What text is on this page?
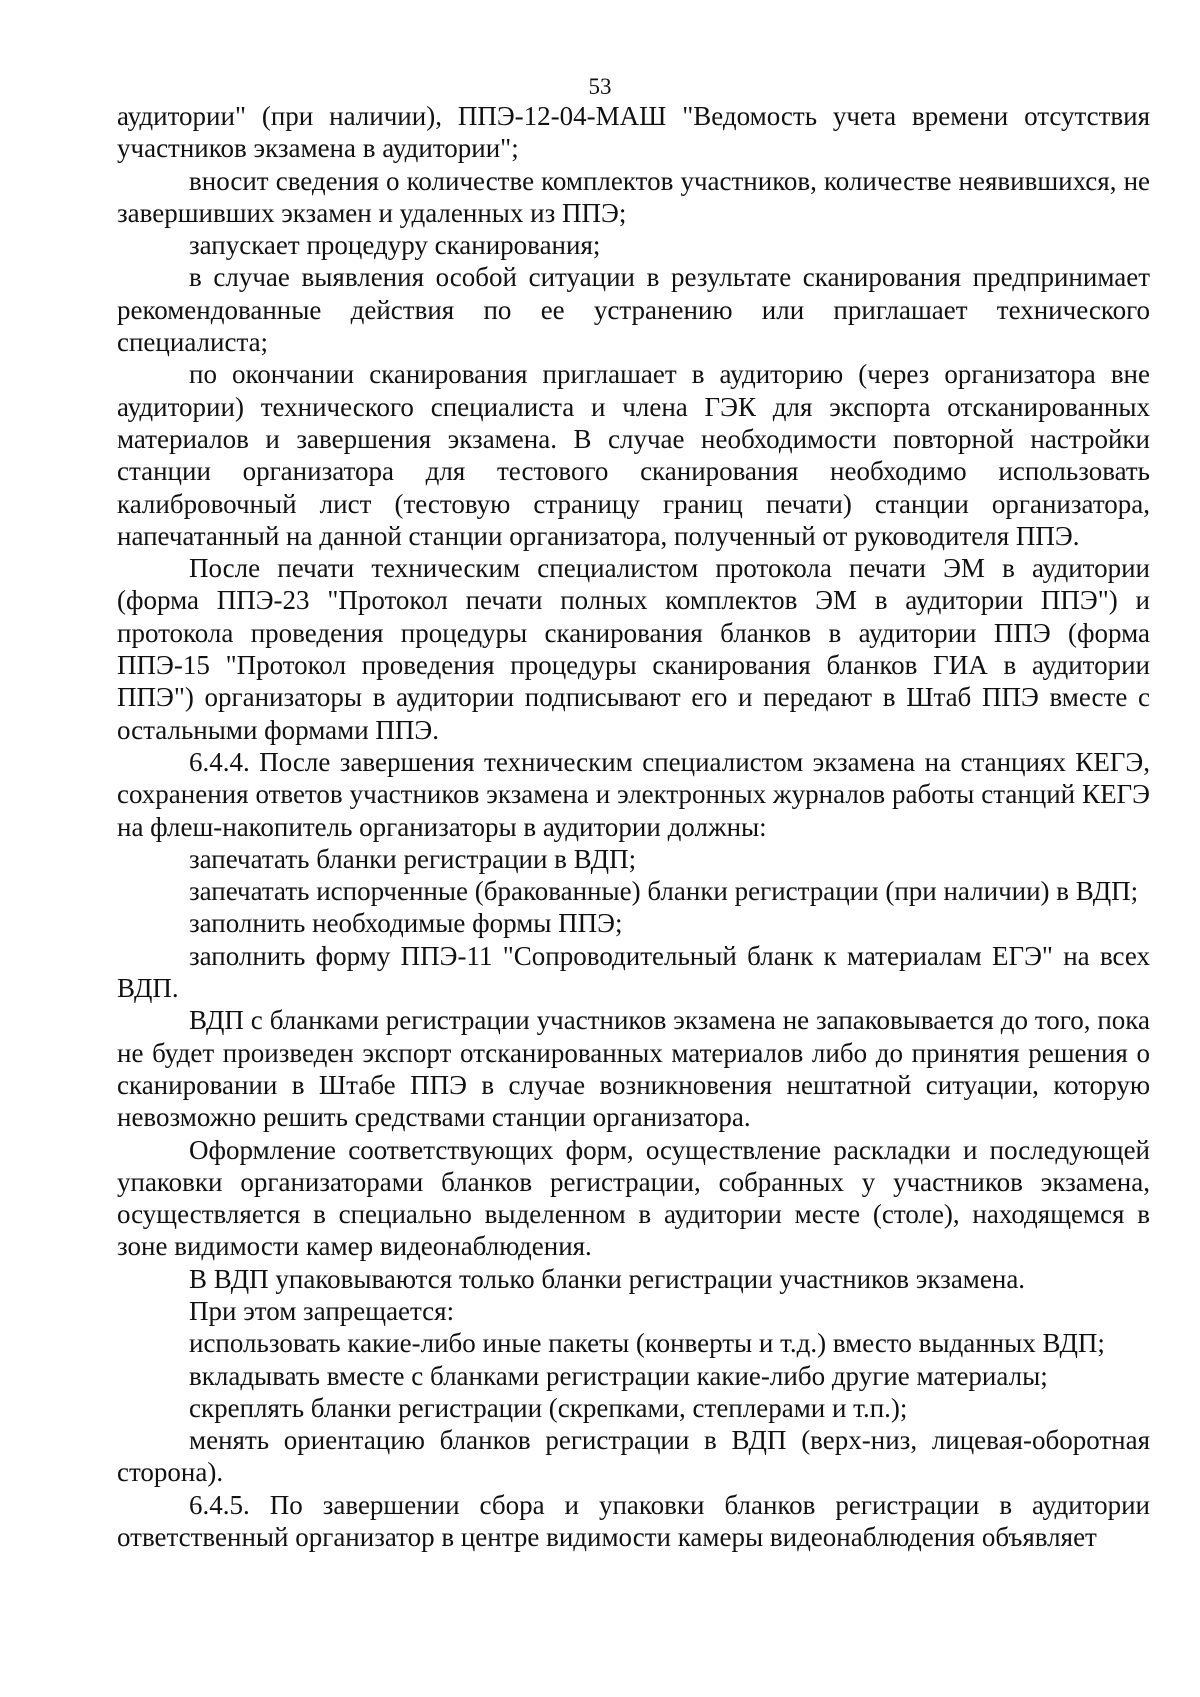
53

аудитории" (при наличии), ППЭ-12-04-МАШ "Ведомость учета времени отсутствия участников экзамена в аудитории";

вносит сведения о количестве комплектов участников, количестве неявившихся, не завершивших экзамен и удаленных из ППЭ;

запускает процедуру сканирования;

в случае выявления особой ситуации в результате сканирования предпринимает рекомендованные действия по ее устранению или приглашает технического специалиста;

по окончании сканирования приглашает в аудиторию (через организатора вне аудитории) технического специалиста и члена ГЭК для экспорта отсканированных материалов и завершения экзамена. В случае необходимости повторной настройки станции организатора для тестового сканирования необходимо использовать калибровочный лист (тестовую страницу границ печати) станции организатора, напечатанный на данной станции организатора, полученный от руководителя ППЭ.

После печати техническим специалистом протокола печати ЭМ в аудитории (форма ППЭ-23 "Протокол печати полных комплектов ЭМ в аудитории ППЭ") и протокола проведения процедуры сканирования бланков в аудитории ППЭ (форма ППЭ-15 "Протокол проведения процедуры сканирования бланков ГИА в аудитории ППЭ") организаторы в аудитории подписывают его и передают в Штаб ППЭ вместе с остальными формами ППЭ.

6.4.4. После завершения техническим специалистом экзамена на станциях КЕГЭ, сохранения ответов участников экзамена и электронных журналов работы станций КЕГЭ на флеш-накопитель организаторы в аудитории должны:

запечатать бланки регистрации в ВДП;

запечатать испорченные (бракованные) бланки регистрации (при наличии) в ВДП;

заполнить необходимые формы ППЭ;

заполнить форму ППЭ-11 "Сопроводительный бланк к материалам ЕГЭ" на всех ВДП.

ВДП с бланками регистрации участников экзамена не запаковывается до того, пока не будет произведен экспорт отсканированных материалов либо до принятия решения о сканировании в Штабе ППЭ в случае возникновения нештатной ситуации, которую невозможно решить средствами станции организатора.

Оформление соответствующих форм, осуществление раскладки и последующей упаковки организаторами бланков регистрации, собранных у участников экзамена, осуществляется в специально выделенном в аудитории месте (столе), находящемся в зоне видимости камер видеонаблюдения.

В ВДП упаковываются только бланки регистрации участников экзамена.

При этом запрещается:

использовать какие-либо иные пакеты (конверты и т.д.) вместо выданных ВДП;

вкладывать вместе с бланками регистрации какие-либо другие материалы;

скреплять бланки регистрации (скрепками, степлерами и т.п.);

менять ориентацию бланков регистрации в ВДП (верх-низ, лицевая-оборотная сторона).

6.4.5. По завершении сбора и упаковки бланков регистрации в аудитории ответственный организатор в центре видимости камеры видеонаблюдения объявляет
